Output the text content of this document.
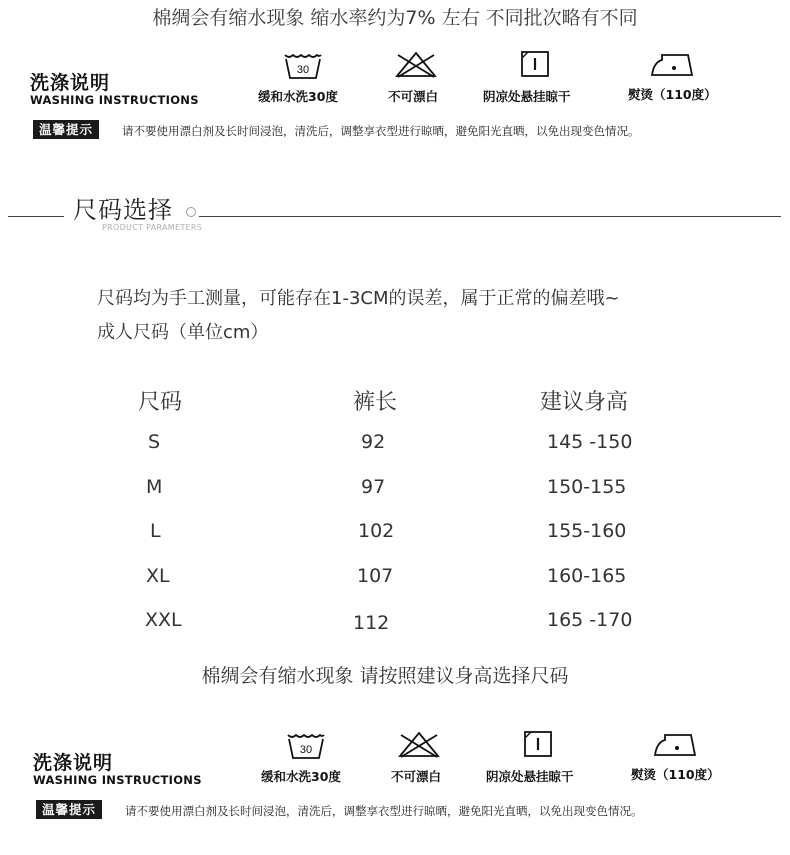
棉绸会有缩水现象 缩水率约为7% 左右 不同批次略有不同
洗涤说明
WASHING INSTRUCTIONS
30
缓和水洗30度	不可漂白	阴凉处悬挂晾干	熨烫（110度）
温馨提示	请不要使用漂白剂及长时间浸泡，清洗后，调整享衣型进行晾晒，避免阳光直晒，以免出现变色情况。
尺码选择
PRODUCT PARAMETERS
尺码均为手工测量，可能存在1-3CM的误差，属于正常的偏差哦~
成人尺码（单位cm）
尺码	裤长	建议身高
S	92	145 -150
M	97	150-155
L	102	155-160
XL	107	160-165
XXL	112	165 -170
棉绸会有缩水现象 请按照建议身高选择尺码
洗涤说明
WASHING INSTRUCTIONS
30
缓和水洗30度	不可漂白	阴凉处悬挂晾干	熨烫（110度）
温馨提示	请不要使用漂白剂及长时间浸泡，清洗后，调整享衣型进行晾晒，避免阳光直晒，以免出现变色情况。
